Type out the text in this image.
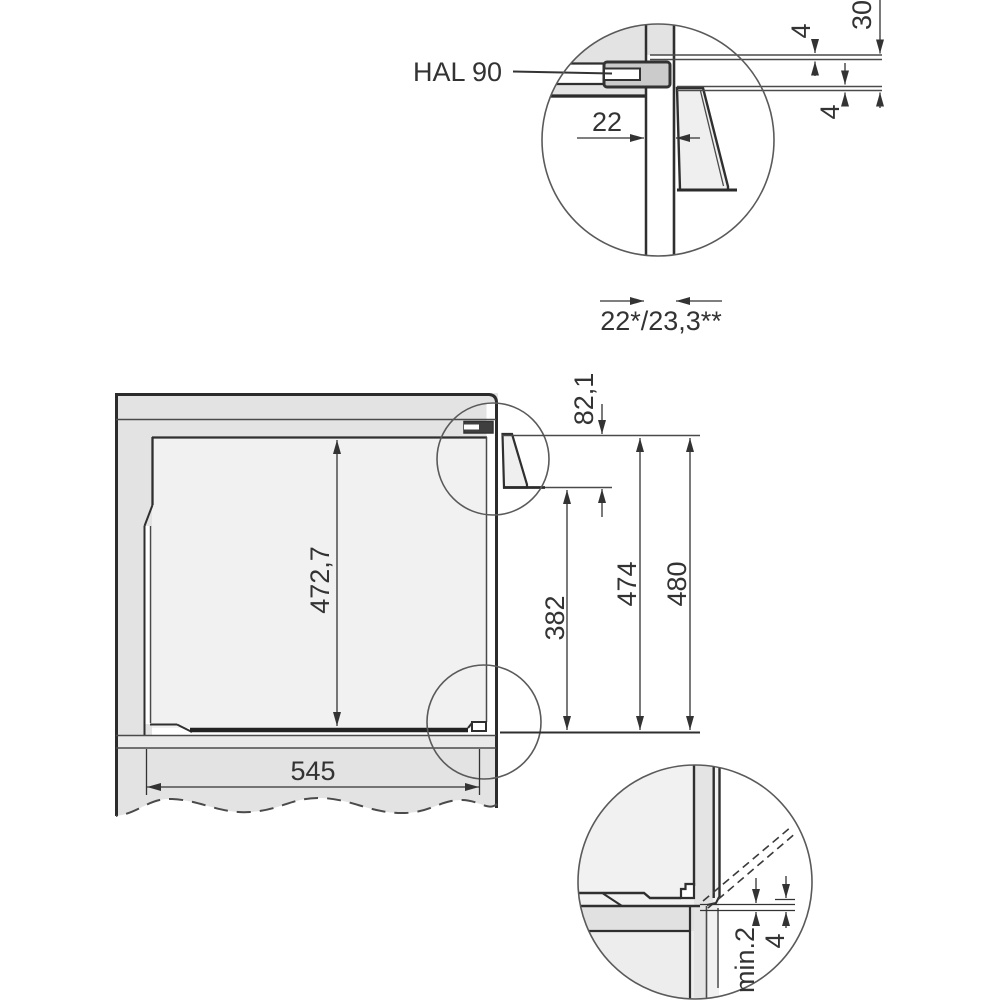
HAL 90
22
22*/23,3**
4
4
30
472,7
545
82,1
382
474 480
min.2 4
